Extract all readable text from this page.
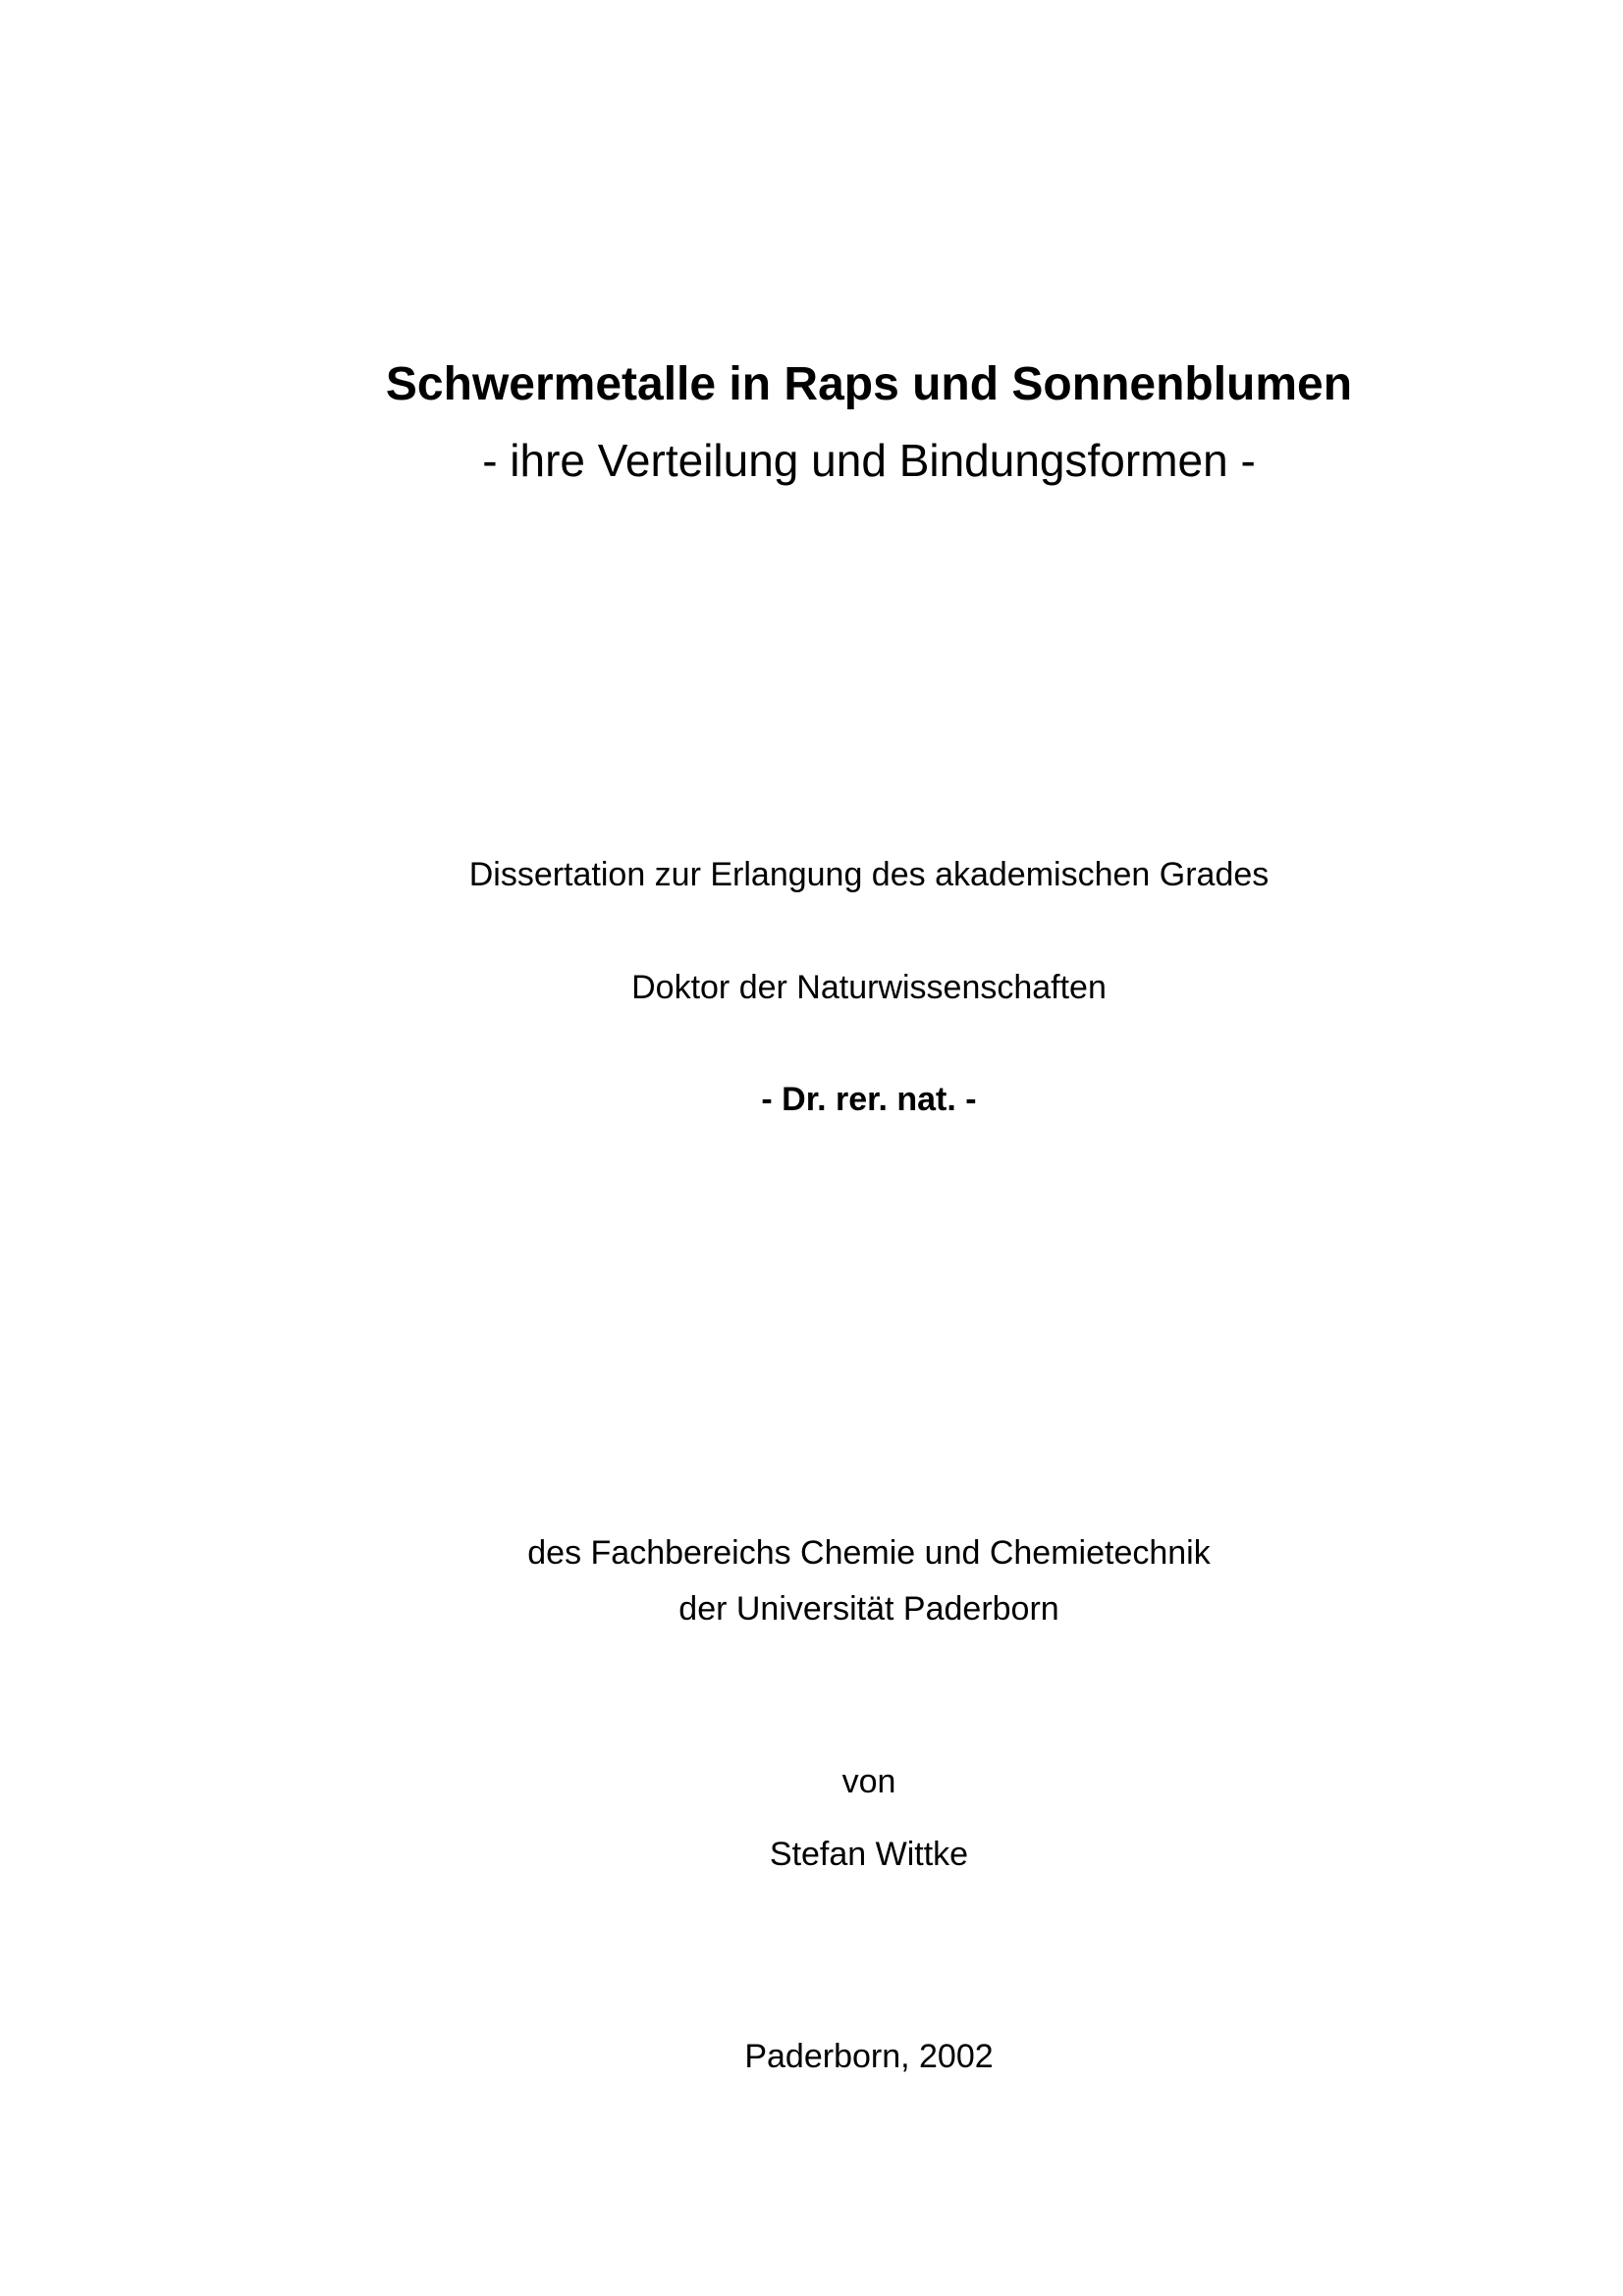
Schwermetalle in Raps und Sonnenblumen
- ihre Verteilung und Bindungsformen -
Dissertation zur Erlangung des akademischen Grades
Doktor der Naturwissenschaften
- Dr. rer. nat. -
des Fachbereichs Chemie und Chemietechnik
der Universität Paderborn
von
Stefan Wittke
Paderborn, 2002
